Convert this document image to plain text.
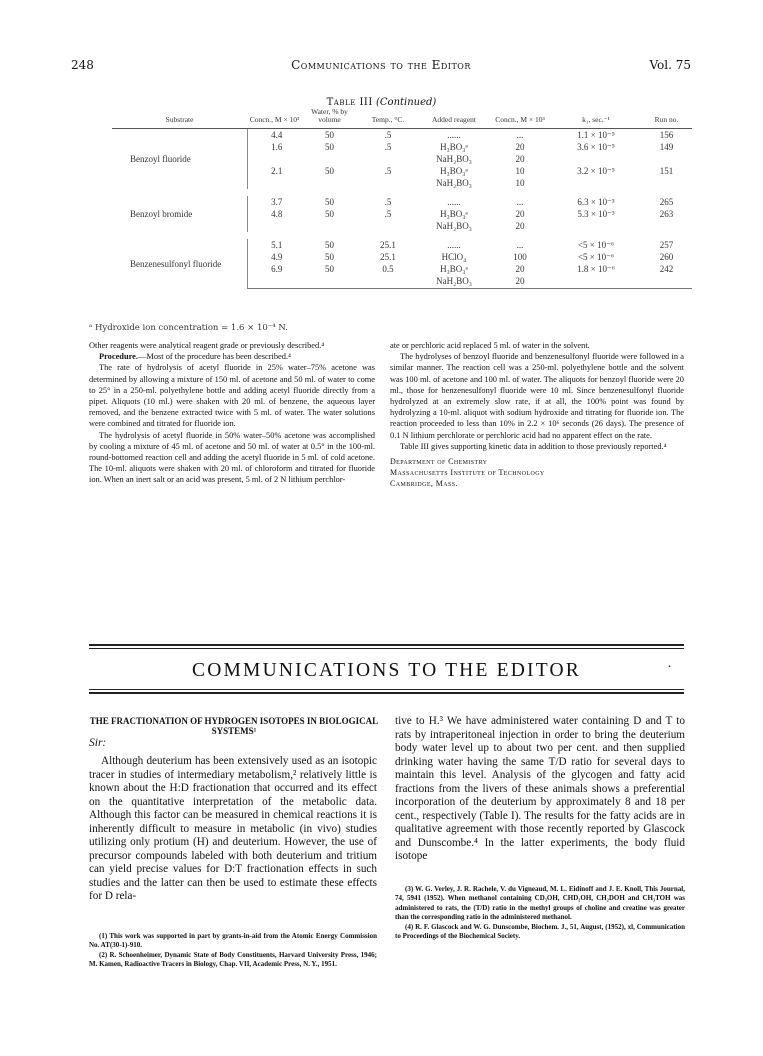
248	Communications to the Editor	Vol. 75
Table III (Continued)
Substrate	Concn., M × 10³	Water, % by volume	Temp., °C.	Added reagent	Concn., M × 10³	k₁, sec.⁻¹	Run no.
Benzoyl fluoride	4.4	50	.5	......	...	1.1 × 10⁻⁵	156
	1.6	50	.5	H₃BO₃ᵃ	20	3.6 × 10⁻⁵	149
				NaH₂BO₃	20		
	2.1	50	.5	H₃BO₃ᵃ	10	3.2 × 10⁻⁵	151
				NaH₂BO₃	10		

Benzoyl bromide	3.7	50	.5	......	...	6.3 × 10⁻³	265
	4.8	50	.5	H₃BO₃ᵃ	20	5.3 × 10⁻³	263
				NaH₂BO₃	20		

Benzenesulfonyl fluoride	5.1	50	25.1	......	...	<5 × 10⁻⁶	257
	4.9	50	25.1	HClO₄	100	<5 × 10⁻⁶	260
	6.9	50	0.5	H₃BO₃ᵃ	20	1.8 × 10⁻⁶	242
				NaH₂BO₃	20		
ᵃ Hydroxide ion concentration = 1.6 × 10⁻⁴ N.

Other reagents were analytical reagent grade or previously described.⁴

Procedure.—Most of the procedure has been described.⁴

The rate of hydrolysis of acetyl fluoride in 25% water–75% acetone was determined by allowing a mixture of 150 ml. of acetone and 50 ml. of water to come to 25° in a 250-ml. polyethylene bottle and adding acetyl fluoride directly from a pipet. Aliquots (10 ml.) were shaken with 20 ml. of benzene, the aqueous layer removed, and the benzene extracted twice with 5 ml. of water. The water solutions were combined and titrated for fluoride ion.

The hydrolysis of acetyl fluoride in 50% water–50% acetone was accomplished by cooling a mixture of 45 ml. of acetone and 50 ml. of water at 0.5° in the 100-ml. round-bottomed reaction cell and adding the acetyl fluoride in 5 ml. of cold acetone. The 10-ml. aliquots were shaken with 20 ml. of chloroform and titrated for fluoride ion. When an inert salt or an acid was present, 5 ml. of 2 N lithium perchlor-

ate or perchloric acid replaced 5 ml. of water in the solvent.

The hydrolyses of benzoyl fluoride and benzenesulfonyl fluoride were followed in a similar manner. The reaction cell was a 250-ml. polyethylene bottle and the solvent was 100 ml. of acetone and 100 ml. of water. The aliquots for benzoyl fluoride were 20 ml., those for benzenesulfonyl fluoride were 10 ml. Since benzenesulfonyl fluoride hydrolyzed at an extremely slow rate, if at all, the 100% point was found by hydrolyzing a 10-ml. aliquot with sodium hydroxide and titrating for fluoride ion. The reaction proceeded to less than 10% in 2.2 × 10⁶ seconds (26 days). The presence of 0.1 N lithium perchlorate or perchloric acid had no apparent effect on the rate.

Table III gives supporting kinetic data in addition to those previously reported.⁴

Department of Chemistry
Massachusetts Institute of Technology
Cambridge, Mass.
COMMUNICATIONS TO THE EDITOR	·
THE FRACTIONATION OF HYDROGEN ISOTOPES IN BIOLOGICAL SYSTEMS¹
Sir:

Although deuterium has been extensively used as an isotopic tracer in studies of intermediary metabolism,² relatively little is known about the H:D fractionation that occurred and its effect on the quantitative interpretation of the metabolic data. Although this factor can be measured in chemical reactions it is inherently difficult to measure in metabolic (in vivo) studies utilizing only protium (H) and deuterium. However, the use of precursor compounds labeled with both deuterium and tritium can yield precise values for D:T fractionation effects in such studies and the latter can then be used to estimate these effects for D rela-

tive to H.³ We have administered water containing D and T to rats by intraperitoneal injection in order to bring the deuterium body water level up to about two per cent. and then supplied drinking water having the same T/D ratio for several days to maintain this level. Analysis of the glycogen and fatty acid fractions from the livers of these animals shows a preferential incorporation of the deuterium by approximately 8 and 18 per cent., respectively (Table I). The results for the fatty acids are in qualitative agreement with those recently reported by Glascock and Dunscombe.⁴ In the latter experiments, the body fluid isotope

(1) This work was supported in part by grants-in-aid from the Atomic Energy Commission No. AT(30-1)-910.

(2) R. Schoenheimer, Dynamic State of Body Constituents, Harvard University Press, 1946; M. Kamen, Radioactive Tracers in Biology, Chap. VII, Academic Press, N. Y., 1951.

(3) W. G. Verley, J. R. Rachele, V. du Vigneaud, M. L. Eidinoff and J. E. Knoll, This Journal, 74, 5941 (1952). When methanol containing CD₃OH, CHD₂OH, CH₂DOH and CH₃TOH was administered to rats, the (T/D) ratio in the methyl groups of choline and creatine was greater than the corresponding ratio in the administered methanol.

(4) R. F. Glascock and W. G. Dunscombe, Biochem. J., 51, August, (1952), xl, Communication to Proceedings of the Biochemical Society.
